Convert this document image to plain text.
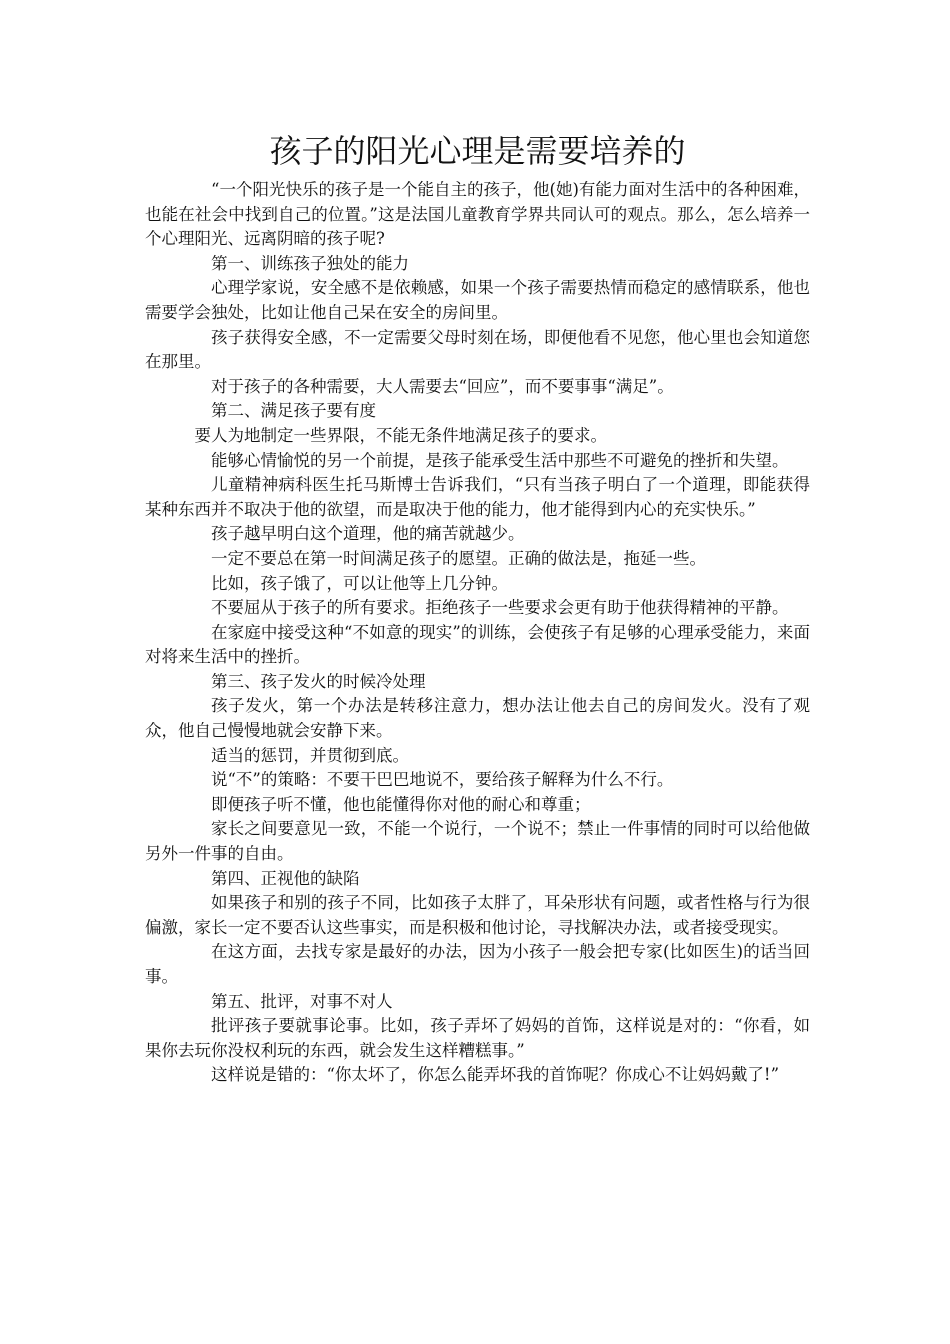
孩子的阳光心理是需要培养的

“一个阳光快乐的孩子是一个能自主的孩子，他(她)有能力面对生活中的各种困难，也能在社会中找到自己的位置。”这是法国儿童教育学界共同认可的观点。那么，怎么培养一个心理阳光、远离阴暗的孩子呢?

第一、训练孩子独处的能力

心理学家说，安全感不是依赖感，如果一个孩子需要热情而稳定的感情联系，他也需要学会独处，比如让他自己呆在安全的房间里。

孩子获得安全感，不一定需要父母时刻在场，即便他看不见您，他心里也会知道您在那里。

对于孩子的各种需要，大人需要去“回应”，而不要事事“满足”。

第二、满足孩子要有度

要人为地制定一些界限，不能无条件地满足孩子的要求。

能够心情愉悦的另一个前提，是孩子能承受生活中那些不可避免的挫折和失望。

儿童精神病科医生托马斯博士告诉我们，“只有当孩子明白了一个道理，即能获得某种东西并不取决于他的欲望，而是取决于他的能力，他才能得到内心的充实快乐。”

孩子越早明白这个道理，他的痛苦就越少。

一定不要总在第一时间满足孩子的愿望。正确的做法是，拖延一些。

比如，孩子饿了，可以让他等上几分钟。

不要屈从于孩子的所有要求。拒绝孩子一些要求会更有助于他获得精神的平静。

在家庭中接受这种“不如意的现实”的训练，会使孩子有足够的心理承受能力，来面对将来生活中的挫折。

第三、孩子发火的时候冷处理

孩子发火，第一个办法是转移注意力，想办法让他去自己的房间发火。没有了观众，他自己慢慢地就会安静下来。

适当的惩罚，并贯彻到底。

说“不”的策略：不要干巴巴地说不，要给孩子解释为什么不行。

即便孩子听不懂，他也能懂得你对他的耐心和尊重；

家长之间要意见一致，不能一个说行，一个说不；禁止一件事情的同时可以给他做另外一件事的自由。

第四、正视他的缺陷

如果孩子和别的孩子不同，比如孩子太胖了，耳朵形状有问题，或者性格与行为很偏激，家长一定不要否认这些事实，而是积极和他讨论，寻找解决办法，或者接受现实。

在这方面，去找专家是最好的办法，因为小孩子一般会把专家(比如医生)的话当回事。

第五、批评，对事不对人

批评孩子要就事论事。比如，孩子弄坏了妈妈的首饰，这样说是对的：“你看，如果你去玩你没权利玩的东西，就会发生这样糟糕事。”

这样说是错的：“你太坏了，你怎么能弄坏我的首饰呢？你成心不让妈妈戴了!”
